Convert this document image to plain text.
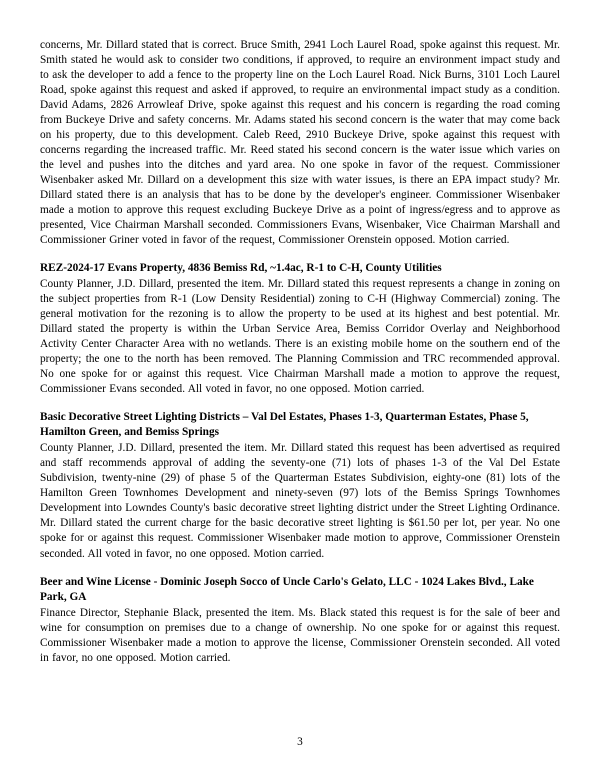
concerns, Mr. Dillard stated that is correct. Bruce Smith, 2941 Loch Laurel Road, spoke against this request. Mr. Smith stated he would ask to consider two conditions, if approved, to require an environment impact study and to ask the developer to add a fence to the property line on the Loch Laurel Road. Nick Burns, 3101 Loch Laurel Road, spoke against this request and asked if approved, to require an environmental impact study as a condition. David Adams, 2826 Arrowleaf Drive, spoke against this request and his concern is regarding the road coming from Buckeye Drive and safety concerns. Mr. Adams stated his second concern is the water that may come back on his property, due to this development. Caleb Reed, 2910 Buckeye Drive, spoke against this request with concerns regarding the increased traffic. Mr. Reed stated his second concern is the water issue which varies on the level and pushes into the ditches and yard area. No one spoke in favor of the request. Commissioner Wisenbaker asked Mr. Dillard on a development this size with water issues, is there an EPA impact study? Mr. Dillard stated there is an analysis that has to be done by the developer's engineer. Commissioner Wisenbaker made a motion to approve this request excluding Buckeye Drive as a point of ingress/egress and to approve as presented, Vice Chairman Marshall seconded. Commissioners Evans, Wisenbaker, Vice Chairman Marshall and Commissioner Griner voted in favor of the request, Commissioner Orenstein opposed. Motion carried.

REZ-2024-17 Evans Property, 4836 Bemiss Rd, ~1.4ac, R-1 to C-H, County Utilities

County Planner, J.D. Dillard, presented the item. Mr. Dillard stated this request represents a change in zoning on the subject properties from R-1 (Low Density Residential) zoning to C-H (Highway Commercial) zoning. The general motivation for the rezoning is to allow the property to be used at its highest and best potential. Mr. Dillard stated the property is within the Urban Service Area, Bemiss Corridor Overlay and Neighborhood Activity Center Character Area with no wetlands. There is an existing mobile home on the southern end of the property; the one to the north has been removed. The Planning Commission and TRC recommended approval. No one spoke for or against this request. Vice Chairman Marshall made a motion to approve the request, Commissioner Evans seconded. All voted in favor, no one opposed. Motion carried.

Basic Decorative Street Lighting Districts – Val Del Estates, Phases 1-3, Quarterman Estates, Phase 5, Hamilton Green, and Bemiss Springs

County Planner, J.D. Dillard, presented the item. Mr. Dillard stated this request has been advertised as required and staff recommends approval of adding the seventy-one (71) lots of phases 1-3 of the Val Del Estate Subdivision, twenty-nine (29) of phase 5 of the Quarterman Estates Subdivision, eighty-one (81) lots of the Hamilton Green Townhomes Development and ninety-seven (97) lots of the Bemiss Springs Townhomes Development into Lowndes County's basic decorative street lighting district under the Street Lighting Ordinance. Mr. Dillard stated the current charge for the basic decorative street lighting is $61.50 per lot, per year. No one spoke for or against this request. Commissioner Wisenbaker made motion to approve, Commissioner Orenstein seconded. All voted in favor, no one opposed. Motion carried.

Beer and Wine License - Dominic Joseph Socco of Uncle Carlo's Gelato, LLC - 1024 Lakes Blvd., Lake Park, GA

Finance Director, Stephanie Black, presented the item. Ms. Black stated this request is for the sale of beer and wine for consumption on premises due to a change of ownership. No one spoke for or against this request. Commissioner Wisenbaker made a motion to approve the license, Commissioner Orenstein seconded. All voted in favor, no one opposed. Motion carried.

3
